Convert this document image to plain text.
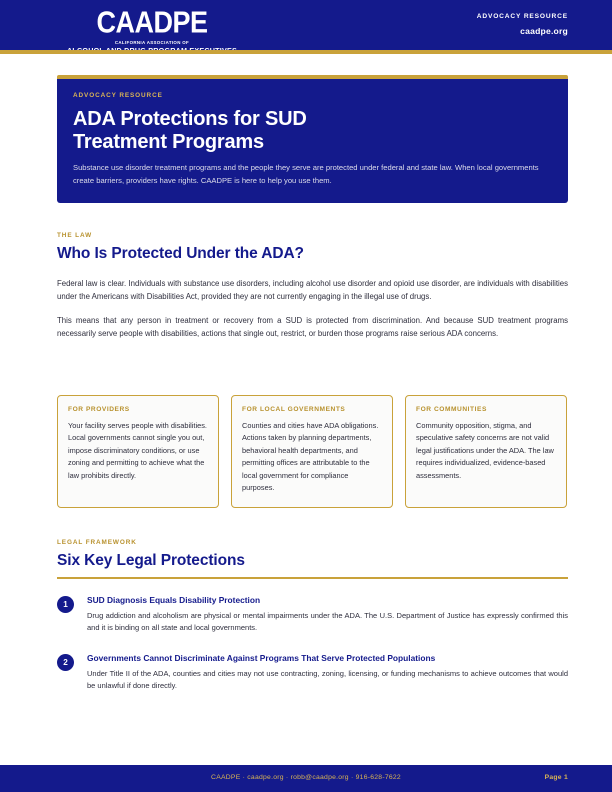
CAADPE
CALIFORNIA ASSOCIATION OF
ADVOCACY RESOURCE
caadpe.org
ADVOCACY RESOURCE
ADA Protections for SUD Treatment Programs

Substance use disorder treatment programs and the people they serve are protected under federal and state law. When local governments create barriers, providers have rights. CAADPE is here to help you use them.

THE LAW
Who Is Protected Under the ADA?

Federal law is clear. Individuals with substance use disorders, including alcohol use disorder and opioid use disorder, are individuals with disabilities under the Americans with Disabilities Act, provided they are not currently engaging in the illegal use of drugs.

This means that any person in treatment or recovery from a SUD is protected from discrimination. And because SUD treatment programs necessarily serve people with disabilities, actions that single out, restrict, or burden those programs raise serious ADA concerns.

FOR PROVIDERS

Your facility serves people with disabilities. Local governments cannot single you out, impose discriminatory conditions, or use zoning and permitting to achieve what the law prohibits directly.

FOR LOCAL GOVERNMENTS

Counties and cities have ADA obligations. Actions taken by planning departments, behavioral health departments, and permitting offices are attributable to the local government for compliance purposes.

FOR COMMUNITIES

Community opposition, stigma, and speculative safety concerns are not valid legal justifications under the ADA. The law requires individualized, evidence-based assessments.

LEGAL FRAMEWORK
Six Key Legal Protections
1	SUD Diagnosis Equals Disability Protection

Drug addiction and alcoholism are physical or mental impairments under the ADA. The U.S. Department of Justice has expressly confirmed this and it is binding on all state and local governments.

2	Governments Cannot Discriminate Against Programs That Serve Protected Populations

Under Title II of the ADA, counties and cities may not use contracting, zoning, licensing, or funding mechanisms to achieve outcomes that would be unlawful if done directly.

CAADPE · caadpe.org · robb@caadpe.org · 916-628-7622	Page 1
